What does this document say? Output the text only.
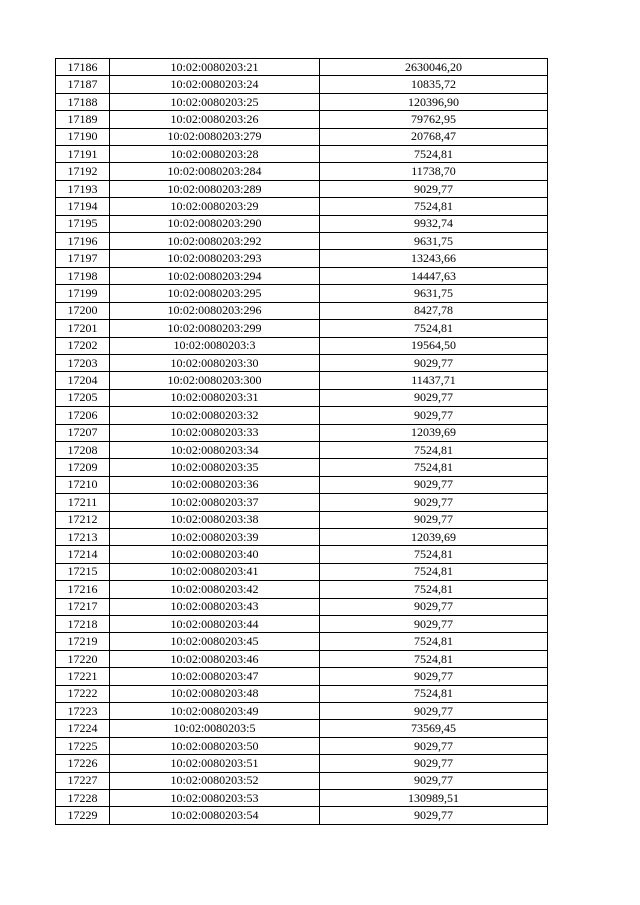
17186	10:02:0080203:21	2630046,20
17187	10:02:0080203:24	10835,72
17188	10:02:0080203:25	120396,90
17189	10:02:0080203:26	79762,95
17190	10:02:0080203:279	20768,47
17191	10:02:0080203:28	7524,81
17192	10:02:0080203:284	11738,70
17193	10:02:0080203:289	9029,77
17194	10:02:0080203:29	7524,81
17195	10:02:0080203:290	9932,74
17196	10:02:0080203:292	9631,75
17197	10:02:0080203:293	13243,66
17198	10:02:0080203:294	14447,63
17199	10:02:0080203:295	9631,75
17200	10:02:0080203:296	8427,78
17201	10:02:0080203:299	7524,81
17202	10:02:0080203:3	19564,50
17203	10:02:0080203:30	9029,77
17204	10:02:0080203:300	11437,71
17205	10:02:0080203:31	9029,77
17206	10:02:0080203:32	9029,77
17207	10:02:0080203:33	12039,69
17208	10:02:0080203:34	7524,81
17209	10:02:0080203:35	7524,81
17210	10:02:0080203:36	9029,77
17211	10:02:0080203:37	9029,77
17212	10:02:0080203:38	9029,77
17213	10:02:0080203:39	12039,69
17214	10:02:0080203:40	7524,81
17215	10:02:0080203:41	7524,81
17216	10:02:0080203:42	7524,81
17217	10:02:0080203:43	9029,77
17218	10:02:0080203:44	9029,77
17219	10:02:0080203:45	7524,81
17220	10:02:0080203:46	7524,81
17221	10:02:0080203:47	9029,77
17222	10:02:0080203:48	7524,81
17223	10:02:0080203:49	9029,77
17224	10:02:0080203:5	73569,45
17225	10:02:0080203:50	9029,77
17226	10:02:0080203:51	9029,77
17227	10:02:0080203:52	9029,77
17228	10:02:0080203:53	130989,51
17229	10:02:0080203:54	9029,77
